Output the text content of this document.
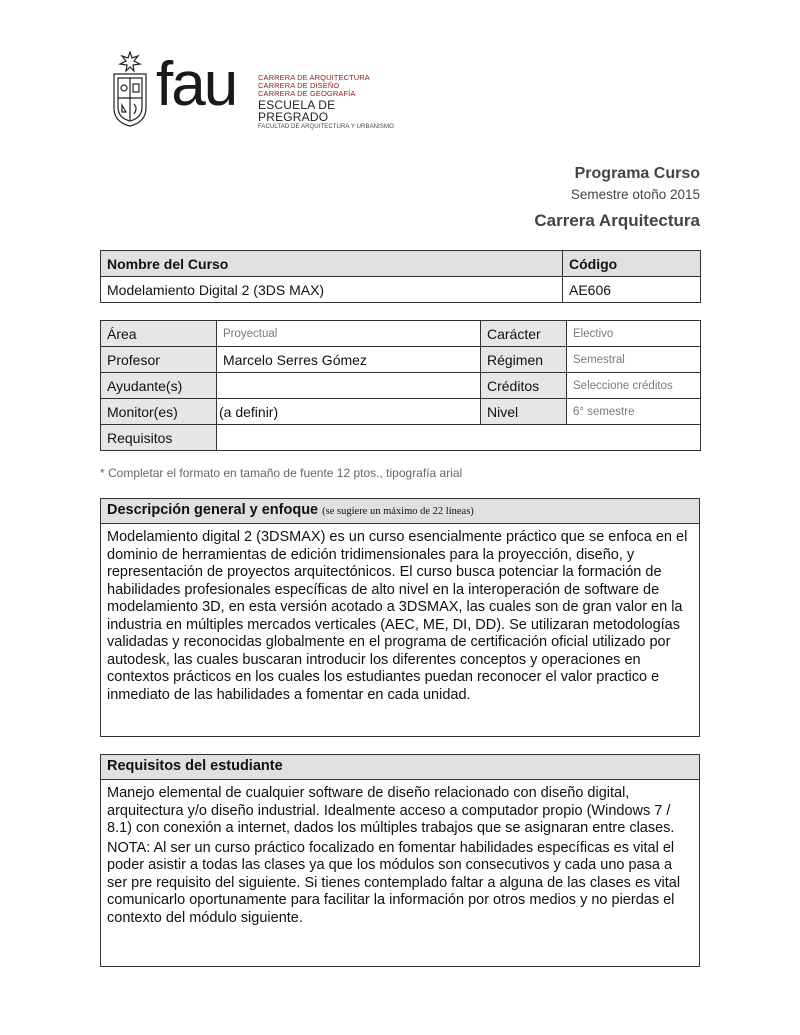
fau	CARRERA DE ARQUITECTURA
CARRERA DE DISEÑO
CARRERA DE GEOGRAFÍA
ESCUELA DE PREGRADO
FACULTAD DE ARQUITECTURA Y URBANISMO
Programa Curso
Semestre otoño 2015
Carrera Arquitectura
Nombre del Curso	Código
Modelamiento Digital 2 (3DS MAX)	AE606
Área	Proyectual	Carácter	Electivo
Profesor	Marcelo Serres Gómez	Régimen	Semestral
Ayudante(s)		Créditos	Seleccione créditos
Monitor(es)	(a definir)	Nivel	6° semestre
Requisitos			
* Completar el formato en tamaño de fuente 12 ptos., tipografía arial
Descripción general y enfoque (se sugiere un máximo de 22 líneas)

Modelamiento digital 2 (3DSMAX) es un curso esencialmente práctico que se enfoca en el dominio de herramientas de edición tridimensionales para la proyección, diseño, y representación de proyectos arquitectónicos. El curso busca potenciar la formación de habilidades profesionales específicas de alto nivel en la interoperación de software de modelamiento 3D, en esta versión acotado a 3DSMAX, las cuales son de gran valor en la industria en múltiples mercados verticales (AEC, ME, DI, DD). Se utilizaran metodologías validadas y reconocidas globalmente en el programa de certificación oficial utilizado por autodesk, las cuales buscaran introducir los diferentes conceptos y operaciones en contextos prácticos en los cuales los estudiantes puedan reconocer el valor practico e inmediato de las habilidades a fomentar en cada unidad.

Requisitos del estudiante

Manejo elemental de cualquier software de diseño relacionado con diseño digital, arquitectura y/o diseño industrial. Idealmente acceso a computador propio (Windows 7 / 8.1) con conexión a internet, dados los múltiples trabajos que se asignaran entre clases.

NOTA: Al ser un curso práctico focalizado en fomentar habilidades específicas es vital el poder asistir a todas las clases ya que los módulos son consecutivos y cada uno pasa a ser pre requisito del siguiente. Si tienes contemplado faltar a alguna de las clases es vital comunicarlo oportunamente para facilitar la información por otros medios y no pierdas el contexto del módulo siguiente.
